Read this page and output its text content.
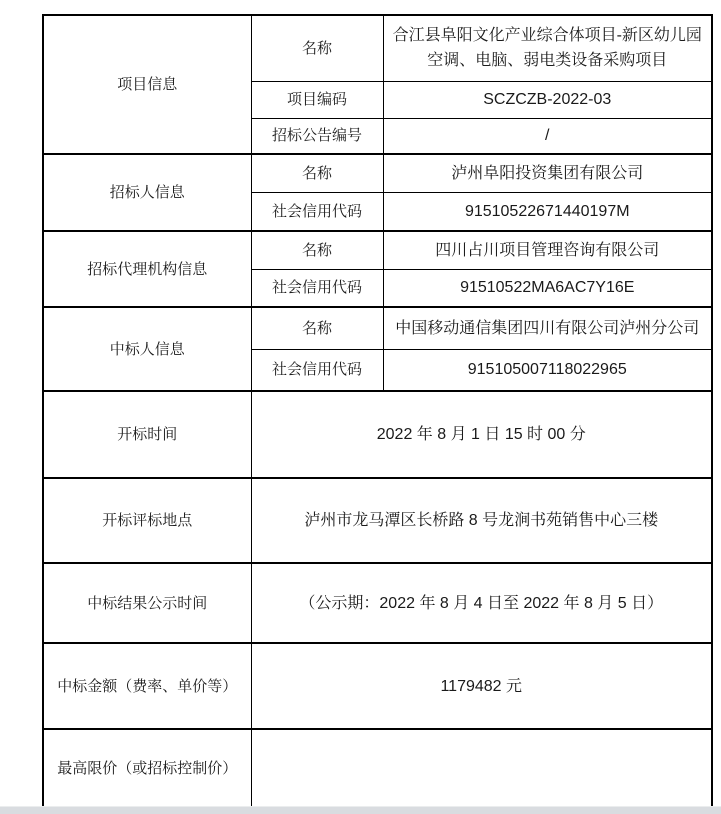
项目信息	名称	合江县阜阳文化产业综合体项目-新区幼儿园空调、电脑、弱电类设备采购项目
	项目编码	SCZCZB-2022-03
	招标公告编号	/
招标人信息	名称	泸州阜阳投资集团有限公司
	社会信用代码	91510522671440197M
招标代理机构信息	名称	四川占川项目管理咨询有限公司
	社会信用代码	91510522MA6AC7Y16E
中标人信息	名称	中国移动通信集团四川有限公司泸州分公司
	社会信用代码	915105007118022965
开标时间	2022 年 8 月 1 日 15 时 00 分	
开标评标地点	泸州市龙马潭区长桥路 8 号龙涧书苑销售中心三楼	
中标结果公示时间	（公示期：2022 年 8 月 4 日至 2022 年 8 月 5 日）	
中标金额（费率、单价等）	1179482 元	
最高限价（或招标控制价）		
